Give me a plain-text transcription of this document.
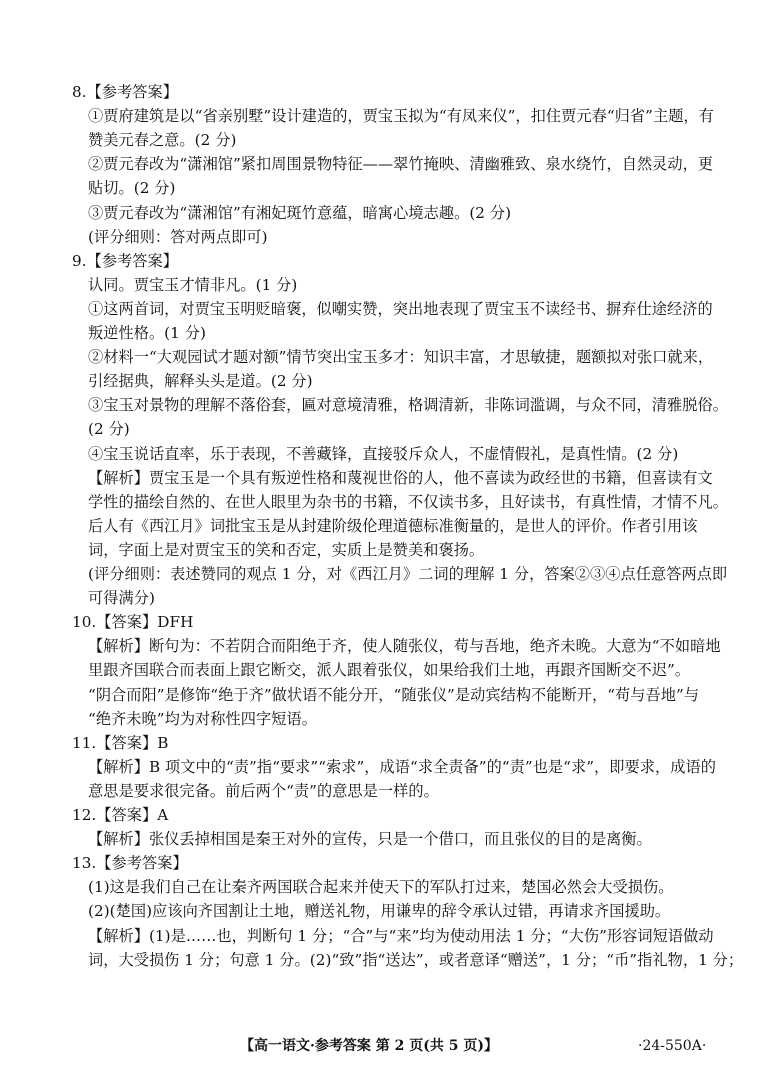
8.【参考答案】
①贾府建筑是以“省亲别墅”设计建造的，贾宝玉拟为“有凤来仪”，扣住贾元春“归省”主题，有
赞美元春之意。(2 分)
②贾元春改为“潇湘馆”紧扣周围景物特征——翠竹掩映、清幽雅致、泉水绕竹，自然灵动，更
贴切。(2 分)
③贾元春改为“潇湘馆”有湘妃斑竹意蕴，暗寓心境志趣。(2 分)
(评分细则：答对两点即可)
9.【参考答案】
认同。贾宝玉才情非凡。(1 分)
①这两首词，对贾宝玉明贬暗褒，似嘲实赞，突出地表现了贾宝玉不读经书、摒弃仕途经济的
叛逆性格。(1 分)
②材料一“大观园试才题对额”情节突出宝玉多才：知识丰富，才思敏捷，题额拟对张口就来，
引经据典，解释头头是道。(2 分)
③宝玉对景物的理解不落俗套，匾对意境清雅，格调清新，非陈词滥调，与众不同，清雅脱俗。
(2 分)
④宝玉说话直率，乐于表现，不善藏锋，直接驳斥众人，不虚情假礼，是真性情。(2 分)
【解析】贾宝玉是一个具有叛逆性格和蔑视世俗的人，他不喜读为政经世的书籍，但喜读有文
学性的描绘自然的、在世人眼里为杂书的书籍，不仅读书多，且好读书，有真性情，才情不凡。
后人有《西江月》词批宝玉是从封建阶级伦理道德标准衡量的，是世人的评价。作者引用该
词，字面上是对贾宝玉的笑和否定，实质上是赞美和褒扬。
(评分细则：表述赞同的观点 1 分，对《西江月》二词的理解 1 分，答案②③④点任意答两点即
可得满分)
10.【答案】DFH
【解析】断句为：不若阴合而阳绝于齐，使人随张仪，苟与吾地，绝齐未晚。大意为“不如暗地
里跟齐国联合而表面上跟它断交，派人跟着张仪，如果给我们土地，再跟齐国断交不迟”。
“阴合而阳”是修饰“绝于齐”做状语不能分开，“随张仪”是动宾结构不能断开，“苟与吾地”与
“绝齐未晚”均为对称性四字短语。
11.【答案】B
【解析】B 项文中的“责”指“要求”“索求”，成语“求全责备”的“责”也是“求”，即要求，成语的
意思是要求很完备。前后两个“责”的意思是一样的。
12.【答案】A
【解析】张仪丢掉相国是秦王对外的宣传，只是一个借口，而且张仪的目的是离衡。
13.【参考答案】
(1)这是我们自己在让秦齐两国联合起来并使天下的军队打过来，楚国必然会大受损伤。
(2)(楚国)应该向齐国割让土地，赠送礼物，用谦卑的辞令承认过错，再请求齐国援助。
【解析】(1)是……也，判断句 1 分；“合”与“来”均为使动用法 1 分；“大伤”形容词短语做动
词，大受损伤 1 分；句意 1 分。(2)“致”指“送达”，或者意译“赠送”，1 分；“币”指礼物，1 分；
【高一语文·参考答案 第 2 页(共 5 页)】	·24-550A·
